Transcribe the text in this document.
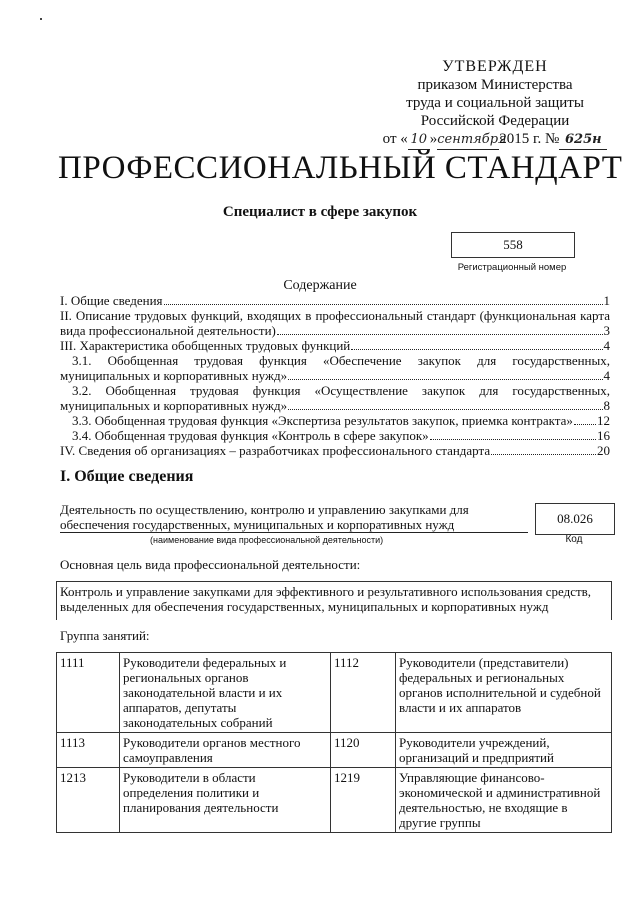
УТВЕРЖДЕН
приказом Министерства
труда и социальной защиты
Российской Федерации
от « 10 »сентября2015 г. № 625н
ПРОФЕССИОНАЛЬНЫЙ СТАНДАРТ
Специалист в сфере закупок
558
Регистрационный номер
Содержание
I. Общие сведения	1
II. Описание трудовых функций, входящих в профессиональный стандарт (функциональная карта
вида профессиональной деятельности)	3
III. Характеристика обобщенных трудовых функций	4
3.1. Обобщенная трудовая функция «Обеспечение закупок для государственных,
муниципальных и корпоративных нужд»	4
3.2. Обобщенная трудовая функция «Осуществление закупок для государственных,
муниципальных и корпоративных нужд»	8
3.3. Обобщенная трудовая функция «Экспертиза результатов закупок, приемка контракта» 12
3.4. Обобщенная трудовая функция «Контроль в сфере закупок»	16
IV. Сведения об организациях – разработчиках профессионального стандарта	20
I. Общие сведения
Деятельность по осуществлению, контролю и управлению закупками для
обеспечения государственных, муниципальных и корпоративных нужд
(наименование вида профессиональной деятельности)
08.026
Код
Основная цель вида профессиональной деятельности:
Контроль и управление закупками для эффективного и результативного использования средств,
выделенных для обеспечения государственных, муниципальных и корпоративных нужд
Группа занятий:
1111	Руководители федеральных и региональных органов законодательной власти и их аппаратов, депутаты законодательных собраний	1112	Руководители (представители) федеральных и региональных органов исполнительной и судебной власти и их аппаратов
1113	Руководители органов местного самоуправления	1120	Руководители учреждений, организаций и предприятий
1213	Руководители в области определения политики и планирования деятельности	1219	Управляющие финансово-экономической и административной деятельностью, не входящие в другие группы
